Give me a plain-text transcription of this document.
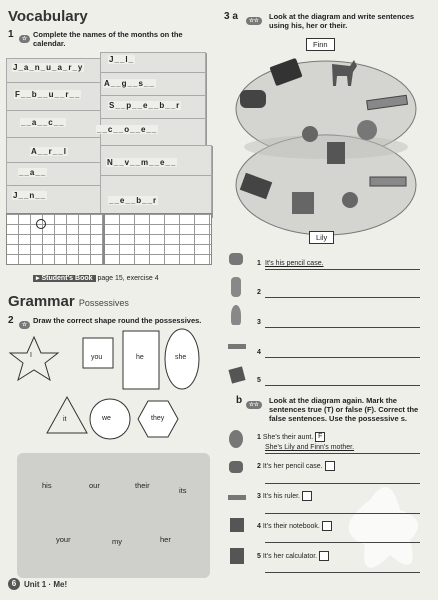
Vocabulary
1	☆ Complete the names of the months on the calendar.
J_a_n_u_a_r_y
J__l_
A__g__s__
F__b__u__r__
S__p__e__b__r
__a__c__
__c__o__e__
A__r__l
N__v__m__e__
__a__
J__n__
__e__b__r
▸ Student's Book page 15, exercise 4
Grammar Possessives
2	☆ Draw the correct shape round the possessives.
I	you	he	she
it	we	they
his	our	their
its
your	my	her
6 Unit 1 · Me!
3 a	☆☆	Look at the diagram and write sentences using his, her or their.
Finn
Lily
1 It's his pencil case.
2
3
4
5
b	☆☆	Look at the diagram again. Mark the sentences true (T) or false (F). Correct the false sentences. Use the possessive s.
1 She's their aunt. F
She's Lily and Finn's mother.
2 It's her pencil case.
3 It's his ruler.
4 It's their notebook.
5 It's her calculator.
